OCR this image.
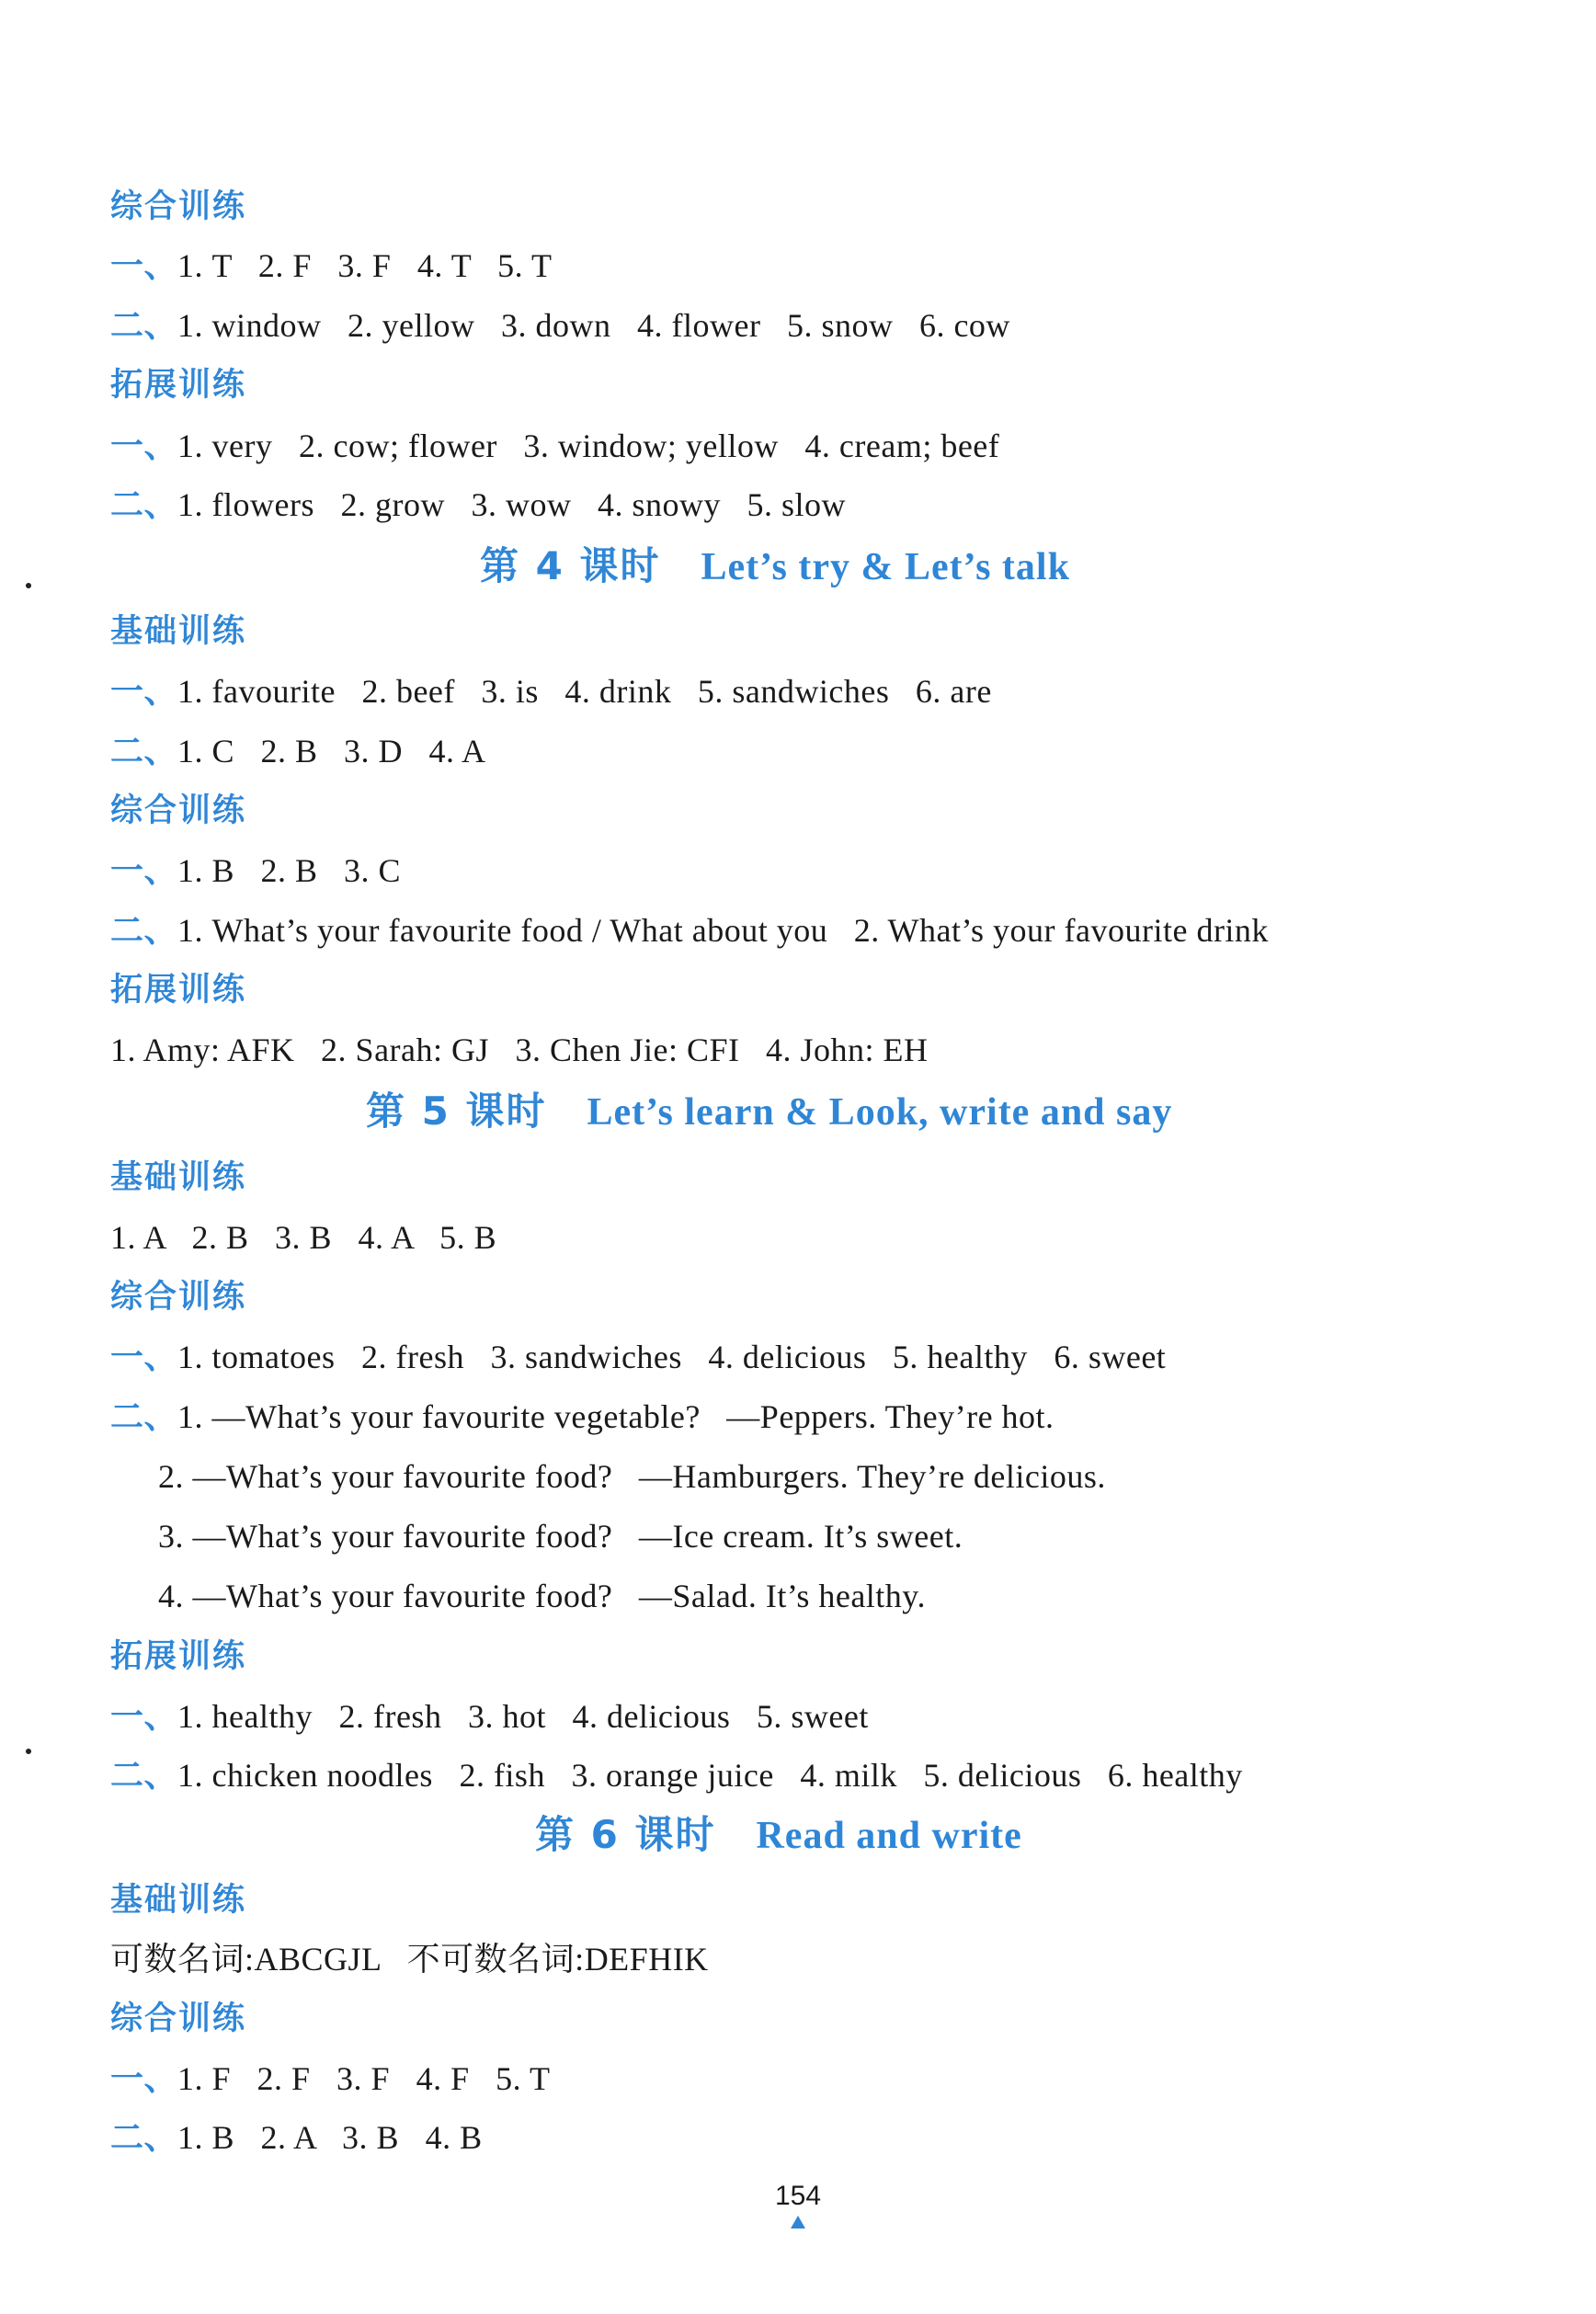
综合训练
一、1. T   2. F   3. F   4. T   5. T
二、1. window   2. yellow   3. down   4. flower   5. snow   6. cow
拓展训练
一、1. very   2. cow; flower   3. window; yellow   4. cream; beef
二、1. flowers   2. grow   3. wow   4. snowy   5. slow
第 4 课时 Let’s try & Let’s talk
基础训练
一、1. favourite   2. beef   3. is   4. drink   5. sandwiches   6. are
二、1. C   2. B   3. D   4. A
综合训练
一、1. B   2. B   3. C
二、1. What’s your favourite food / What about you   2. What’s your favourite drink
拓展训练
1. Amy: AFK   2. Sarah: GJ   3. Chen Jie: CFI   4. John: EH
第 5 课时 Let’s learn & Look, write and say
基础训练
1. A   2. B   3. B   4. A   5. B
综合训练
一、1. tomatoes   2. fresh   3. sandwiches   4. delicious   5. healthy   6. sweet
二、1. —What’s your favourite vegetable?   —Peppers. They’re hot.
2. —What’s your favourite food?   —Hamburgers. They’re delicious.
3. —What’s your favourite food?   —Ice cream. It’s sweet.
4. —What’s your favourite food?   —Salad. It’s healthy.
拓展训练
一、1. healthy   2. fresh   3. hot   4. delicious   5. sweet
二、1. chicken noodles   2. fish   3. orange juice   4. milk   5. delicious   6. healthy
第 6 课时 Read and write
基础训练
可数名词:ABCGJL   不可数名词:DEFHIK
综合训练
一、1. F   2. F   3. F   4. F   5. T
二、1. B   2. A   3. B   4. B
154
